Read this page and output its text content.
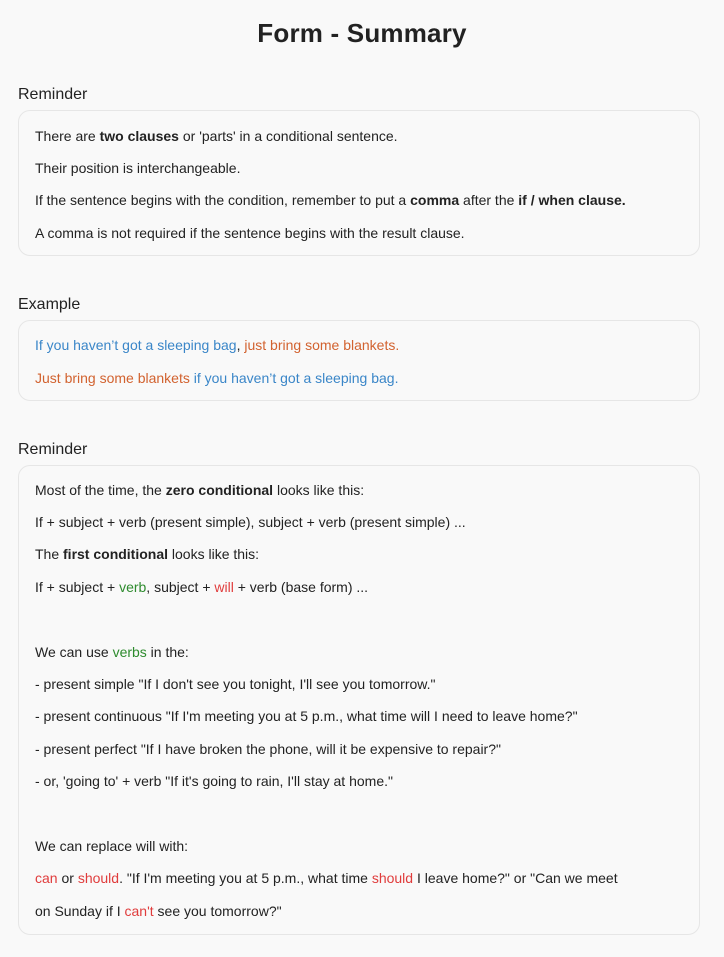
Form - Summary
Reminder
There are two clauses or 'parts' in a conditional sentence.
Their position is interchangeable.
If the sentence begins with the condition, remember to put a comma after the if / when clause.
A comma is not required if the sentence begins with the result clause.
Example
If you haven’t got a sleeping bag, just bring some blankets.
Just bring some blankets if you haven’t got a sleeping bag.
Reminder
Most of the time, the zero conditional looks like this:
If + subject + verb (present simple), subject + verb (present simple) ...
The first conditional looks like this:
If + subject + verb, subject + will + verb (base form) ...
We can use verbs in the:
- present simple "If I don't see you tonight, I'll see you tomorrow."
- present continuous "If I'm meeting you at 5 p.m., what time will I need to leave home?"
- present perfect "If I have broken the phone, will it be expensive to repair?"
- or, 'going to' + verb "If it's going to rain, I'll stay at home."
We can replace will with:
can or should. "If I'm meeting you at 5 p.m., what time should I leave home?" or "Can we meet
on Sunday if I can't see you tomorrow?"
